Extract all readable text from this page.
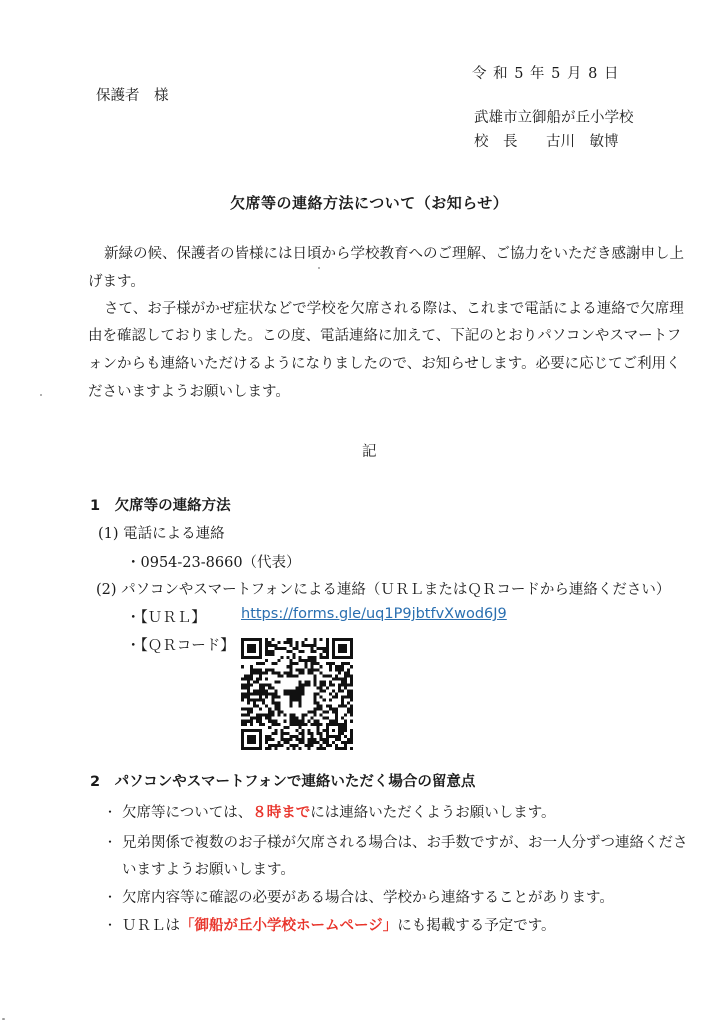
令 和 5 年 5 月 8 日
保護者　様
武雄市立御船が丘小学校
校　長 古川　敏博
欠席等の連絡方法について（お知らせ）
新緑の候、保護者の皆様には日頃から学校教育へのご理解、ご協力をいただき感謝申し上
げます。
さて、お子様がかぜ症状などで学校を欠席される際は、これまで電話による連絡で欠席理
由を確認しておりました。この度、電話連絡に加えて、下記のとおりパソコンやスマートフ
ォンからも連絡いただけるようになりましたので、お知らせします。必要に応じてご利用く
ださいますようお願いします。
記
1　欠席等の連絡方法
(1) 電話による連絡
・0954-23-8660（代表）
(2) パソコンやスマートフォンによる連絡（ＵＲＬまたはＱＲコードから連絡ください）
・【ＵＲＬ】 https://forms.gle/uq1P9jbtfvXwod6J9
・【ＱＲコード】
2　パソコンやスマートフォンで連絡いただく場合の留意点
・ 欠席等については、８時までには連絡いただくようお願いします。
・ 兄弟関係で複数のお子様が欠席される場合は、お手数ですが、お一人分ずつ連絡くださ
いますようお願いします。
・ 欠席内容等に確認の必要がある場合は、学校から連絡することがあります。
・ ＵＲＬは「御船が丘小学校ホームページ」にも掲載する予定です。
